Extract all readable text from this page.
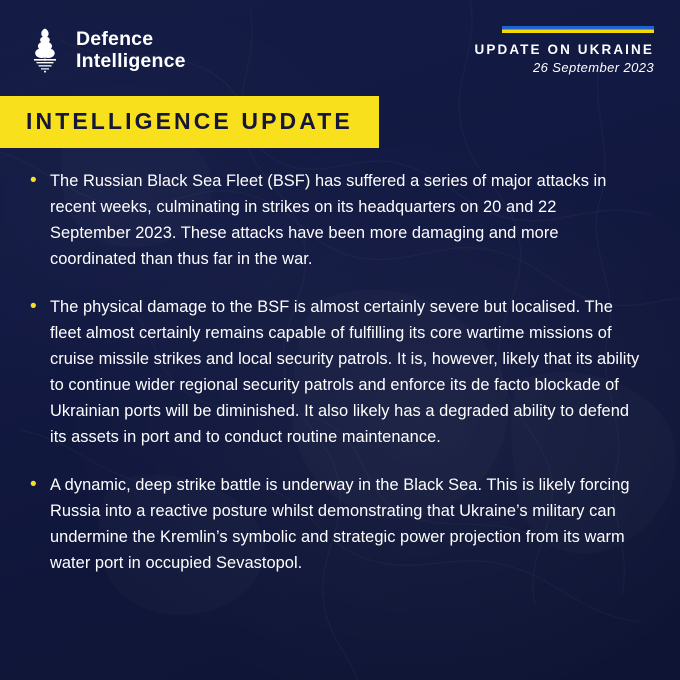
Defence
Intelligence
UPDATE ON UKRAINE
26 September 2023
INTELLIGENCE UPDATE
• The Russian Black Sea Fleet (BSF) has suffered a series of major attacks in recent weeks, culminating in strikes on its headquarters on 20 and 22 September 2023. These attacks have been more damaging and more coordinated than thus far in the war.
• The physical damage to the BSF is almost certainly severe but localised. The fleet almost certainly remains capable of fulfilling its core wartime missions of cruise missile strikes and local security patrols. It is, however, likely that its ability to continue wider regional security patrols and enforce its de facto blockade of Ukrainian ports will be diminished. It also likely has a degraded ability to defend its assets in port and to conduct routine maintenance.
• A dynamic, deep strike battle is underway in the Black Sea. This is likely forcing Russia into a reactive posture whilst demonstrating that Ukraine’s military can undermine the Kremlin’s symbolic and strategic power projection from its warm water port in occupied Sevastopol.
